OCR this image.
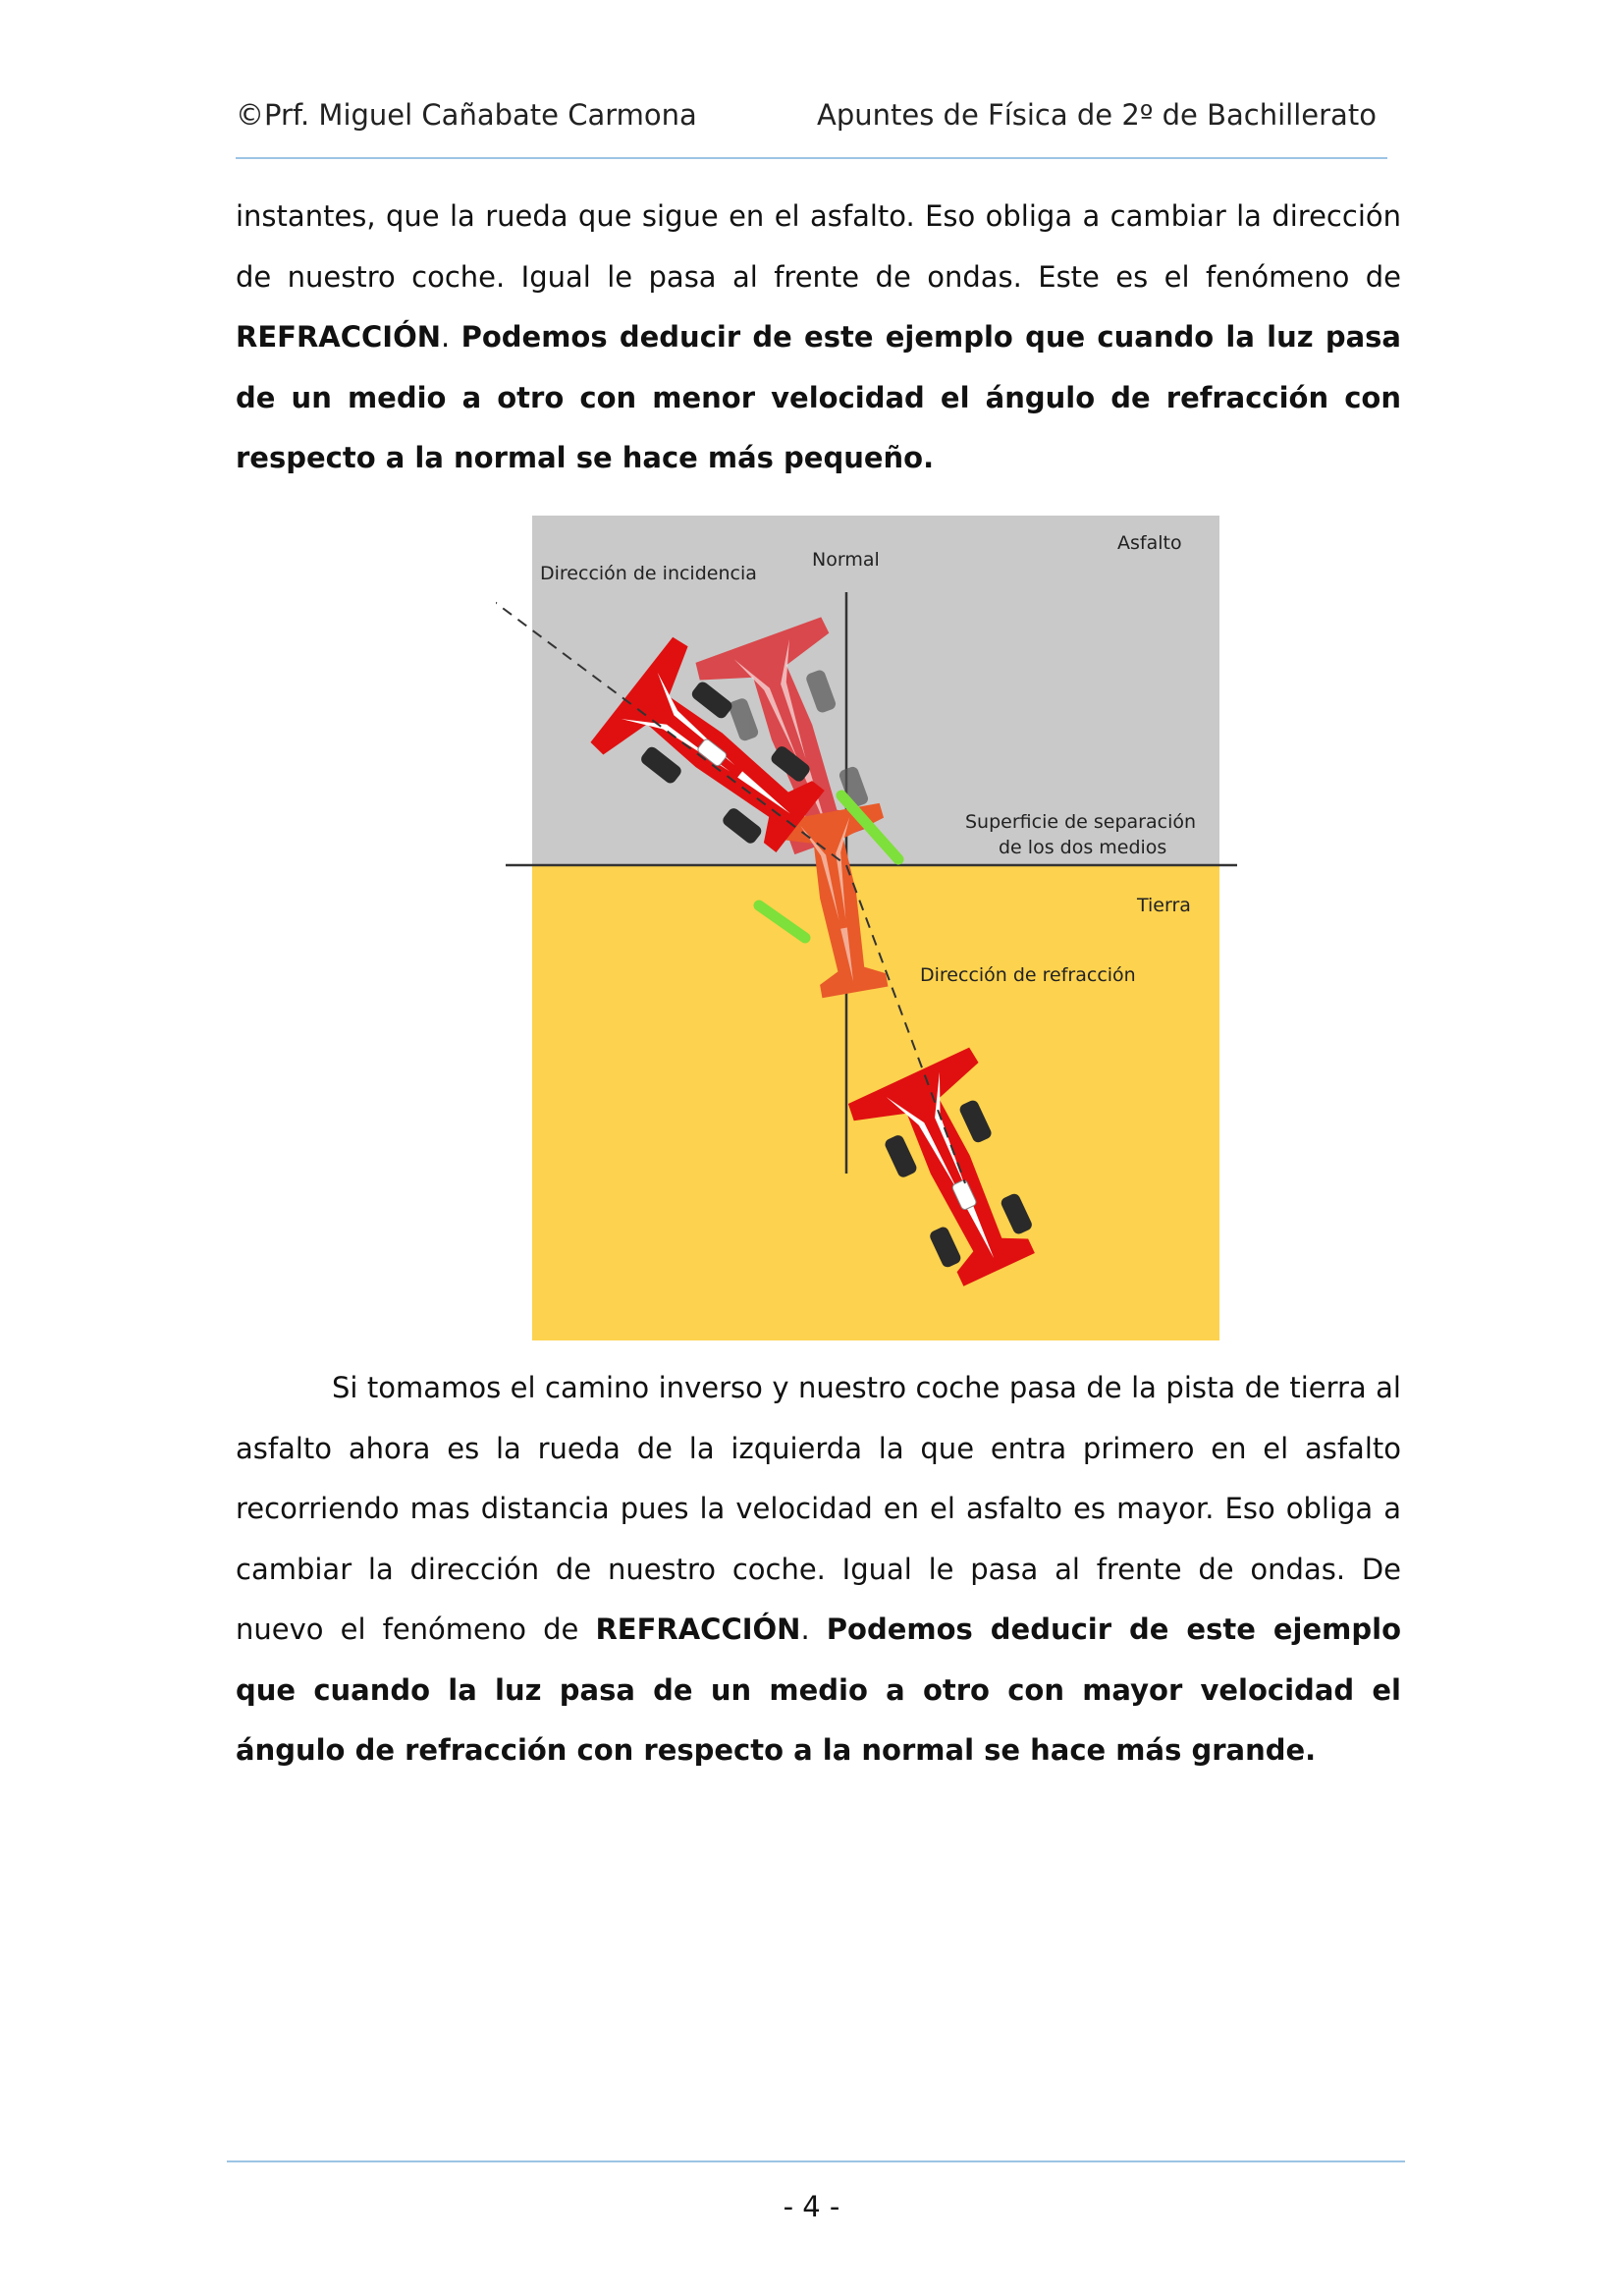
©Prf. Miguel Cañabate Carmona	Apuntes de Física de 2º de Bachillerato
instantes, que la rueda que sigue en el asfalto. Eso obliga a cambiar la dirección de nuestro coche. Igual le pasa al frente de ondas. Este es el fenómeno de REFRACCIÓN. Podemos deducir de este ejemplo que cuando la luz pasa de un medio a otro con menor velocidad el ángulo de refracción con respecto a la normal se hace más pequeño.
Asfalto
Normal
Dirección de incidencia
Superficie de separación
de los dos medios
Tierra
Dirección de refracción
Si tomamos el camino inverso y nuestro coche pasa de la pista de tierra al asfalto ahora es la rueda de la izquierda la que entra primero en el asfalto recorriendo mas distancia pues la velocidad en el asfalto es mayor. Eso obliga a cambiar la dirección de nuestro coche. Igual le pasa al frente de ondas. De nuevo el fenómeno de REFRACCIÓN. Podemos deducir de este ejemplo que cuando la luz pasa de un medio a otro con mayor velocidad el ángulo de refracción con respecto a la normal se hace más grande.
- 4 -
